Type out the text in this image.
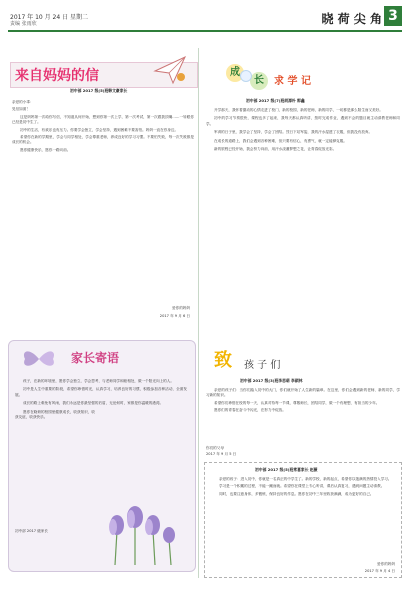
2017 年 10 月 24 日 星期二
责编 张雨欣	晓 荷 尖 角 3
来自妈妈的信
初中部 2017 级(5)班韩文豪家长

亲爱的小乖：

见信如面！

这是妈妈第一次给你写信，不知道从何开始，想到你第一次上学，第一次考试，第一次跟我顶嘴……一转眼你已经是初中生了。

初中的生活，有欢乐也有压力。你要学会独立，学会坚持，遇到困难不要害怕。妈妈一直在你身边。

希望你在新的学期里，学会与同学相处，学会尊重老师，养成良好的学习习惯。不要怕失败，每一次失败都是成长的机会。

愿你健康快乐，愿你一路向前。

爱你的妈妈
2017 年 9 月 6 日
成
长	求 学 记
初中部 2017 级(7)班胡源朴 郭鑫

开学那天，我怀着激动的心情走进了校门，新的校园，新的老师，新的同学，一切都是那么陌生而又美好。

初中的学习节奏很快，课程也多了起来，我每天都认真听讲，按时完成作业，遇到不会的题目就主动请教老师和同学。

军训的日子里，我学会了坚持，学会了团结。烈日下站军姿，我的汗水湿透了衣服，但我没有放弃。

在成长的道路上，我们会遇到各种困难，但只要有信心，有勇气，就一定能够克服。

新的旅程已经开始，我会努力向前，用汗水浇灌梦想之花，让青春绽放光彩。

家长寄语

孩子，在新的环境里，愿你学会独立，学会思考，与老师同学和睦相处，做一个阳光向上的人。

初中是人生中重要的阶段，希望你珍惜时光，认真学习，培养良好的习惯，积极参加各种活动，全面发展。

成长的路上难免有风雨，我们永远是你最坚强的后盾，无论何时，家都是你温暖的港湾。

愿你在晓荷的校园里健康成长，收获知识，收获友谊，收获快乐。

初中部 2017 级家长
致 孩 子 们
初中部 2017 级(3)班李思萌 李颖林

亲爱的孩子们：当你们踏入初中的大门，你们就开始了人生新的篇章。在这里，你们会遇到新的老师、新的同学，学习新的知识。

希望你们珍惜在校的每一天，认真对待每一节课，尊敬师长，团结同学，做一个有理想、有担当的少年。

愿你们的青春在奋斗中闪光，在努力中绽放。

你们的父母
2017 年 9 月 5 日
初中部 2017 级(5)班常喜家长 赵薇

亲爱的孩子：进入初中，你就是一名真正的中学生了。新的学校，新的起点，希望你以饱满的热情投入学习。

学习是一个积累的过程，不能一蹴而就。希望你在课堂上专心听讲，课后认真复习，遇到问题主动请教。

同时，也要注意身体，多锻炼，保持良好的作息。愿你在初中三年里收获满满，成为更好的自己。

爱你的妈妈
2017 年 9 月 4 日
